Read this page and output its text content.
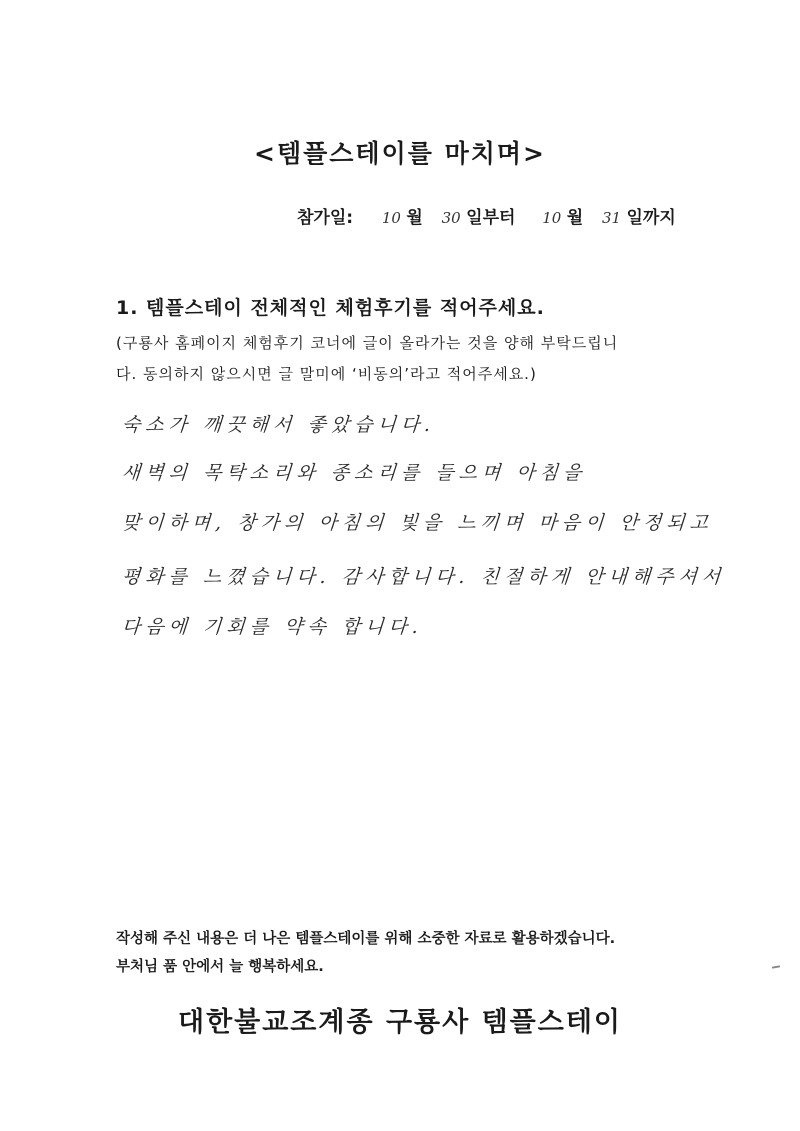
<템플스테이를 마치며>
참가일: 10 월 30 일부터 10 월 31 일까지
1. 템플스테이 전체적인 체험후기를 적어주세요.
(구룡사 홈페이지 체험후기 코너에 글이 올라가는 것을 양해 부탁드립니
다. 동의하지 않으시면 글 말미에 ‘비동의’라고 적어주세요.)
숙소가 깨끗해서 좋았습니다.
새벽의 목탁소리와 종소리를 들으며 아침을
맞이하며, 창가의 아침의 빛을 느끼며 마음이 안정되고
평화를 느꼈습니다. 감사합니다. 친절하게 안내해주셔서
다음에 기회를 약속 합니다.
작성해 주신 내용은 더 나은 템플스테이를 위해 소중한 자료로 활용하겠습니다.
부처님 품 안에서 늘 행복하세요.
대한불교조계종 구룡사 템플스테이
